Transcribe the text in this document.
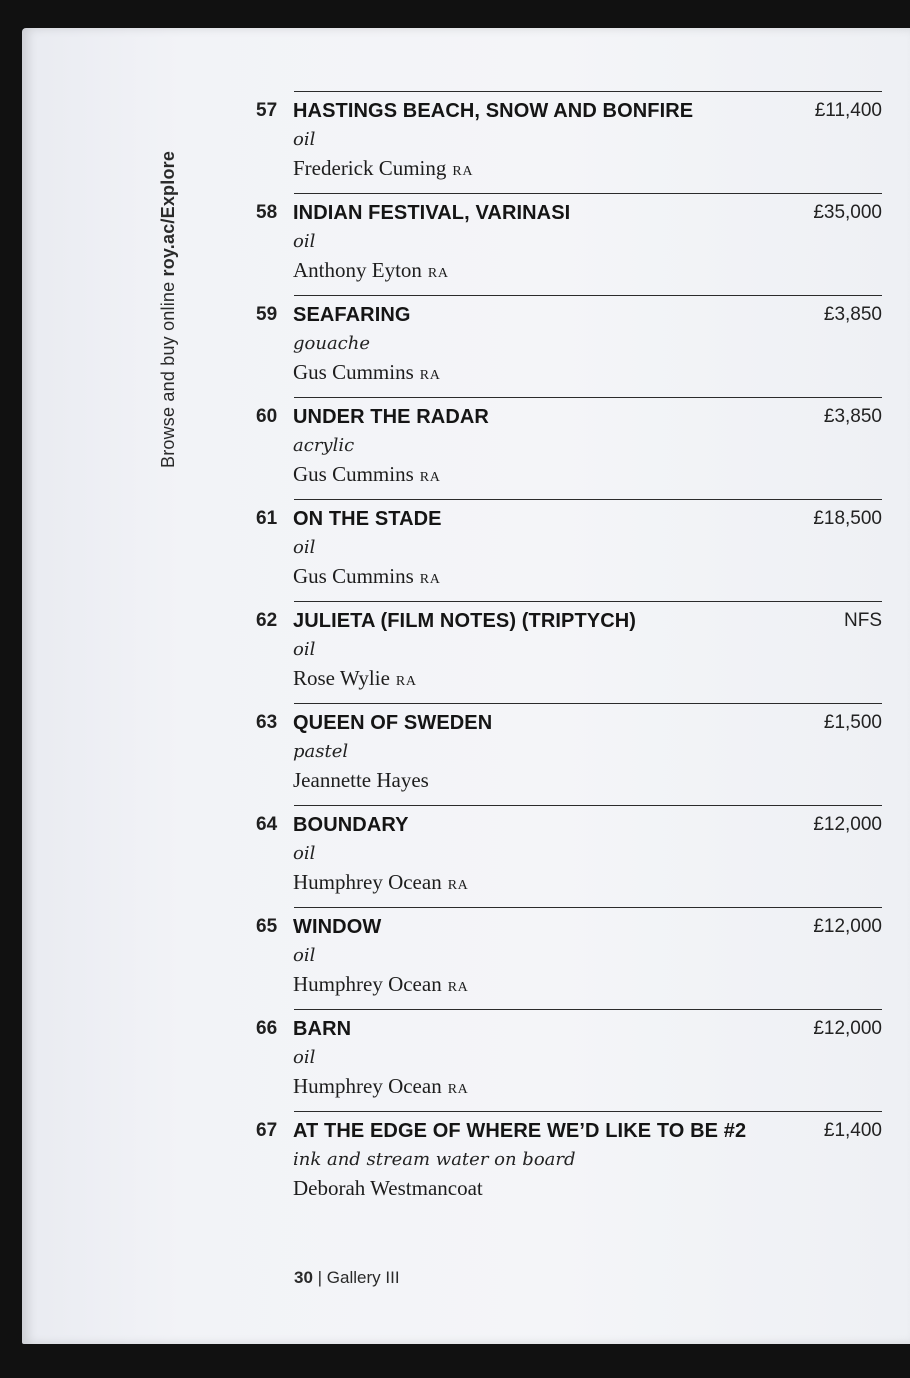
Browse and buy online roy.ac/Explore
57 HASTINGS BEACH, SNOW AND BONFIRE	£11,400
oil
Frederick Cuming RA
58 INDIAN FESTIVAL, VARINASI	£35,000
oil
Anthony Eyton RA
59 SEAFARING	£3,850
gouache
Gus Cummins RA
60 UNDER THE RADAR	£3,850
acrylic
Gus Cummins RA
61 ON THE STADE	£18,500
oil
Gus Cummins RA
62 JULIETA (FILM NOTES) (TRIPTYCH)	NFS
oil
Rose Wylie RA
63 QUEEN OF SWEDEN	£1,500
pastel
Jeannette Hayes
64 BOUNDARY	£12,000
oil
Humphrey Ocean RA
65 WINDOW	£12,000
oil
Humphrey Ocean RA
66 BARN	£12,000
oil
Humphrey Ocean RA
67 AT THE EDGE OF WHERE WE’D LIKE TO BE #2	£1,400
ink and stream water on board
Deborah Westmancoat
30 | Gallery III
